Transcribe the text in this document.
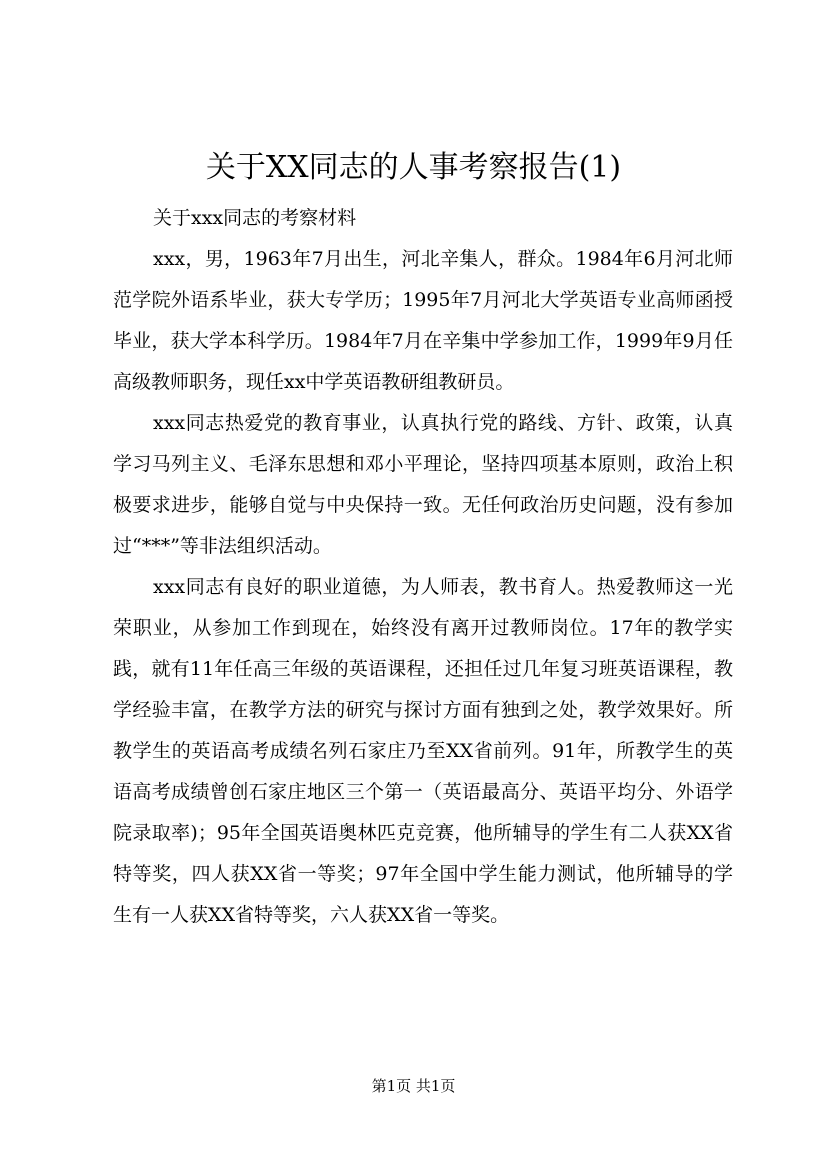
关于XX同志的人事考察报告(1)

关于xxx同志的考察材料

xxx，男，1963年7月出生，河北辛集人，群众。1984年6月河北师范学院外语系毕业，获大专学历；1995年7月河北大学英语专业高师函授毕业，获大学本科学历。1984年7月在辛集中学参加工作，1999年9月任高级教师职务，现任xx中学英语教研组教研员。

xxx同志热爱党的教育事业，认真执行党的路线、方针、政策，认真学习马列主义、毛泽东思想和邓小平理论，坚持四项基本原则，政治上积极要求进步，能够自觉与中央保持一致。无任何政治历史问题，没有参加过“***”等非法组织活动。

xxx同志有良好的职业道德，为人师表，教书育人。热爱教师这一光荣职业，从参加工作到现在，始终没有离开过教师岗位。17年的教学实践，就有11年任高三年级的英语课程，还担任过几年复习班英语课程，教学经验丰富，在教学方法的研究与探讨方面有独到之处，教学效果好。所教学生的英语高考成绩名列石家庄乃至XX省前列。91年，所教学生的英语高考成绩曾创石家庄地区三个第一（英语最高分、英语平均分、外语学院录取率)；95年全国英语奥林匹克竞赛，他所辅导的学生有二人获XX省特等奖，四人获XX省一等奖；97年全国中学生能力测试，他所辅导的学生有一人获XX省特等奖，六人获XX省一等奖。

第1页 共1页
